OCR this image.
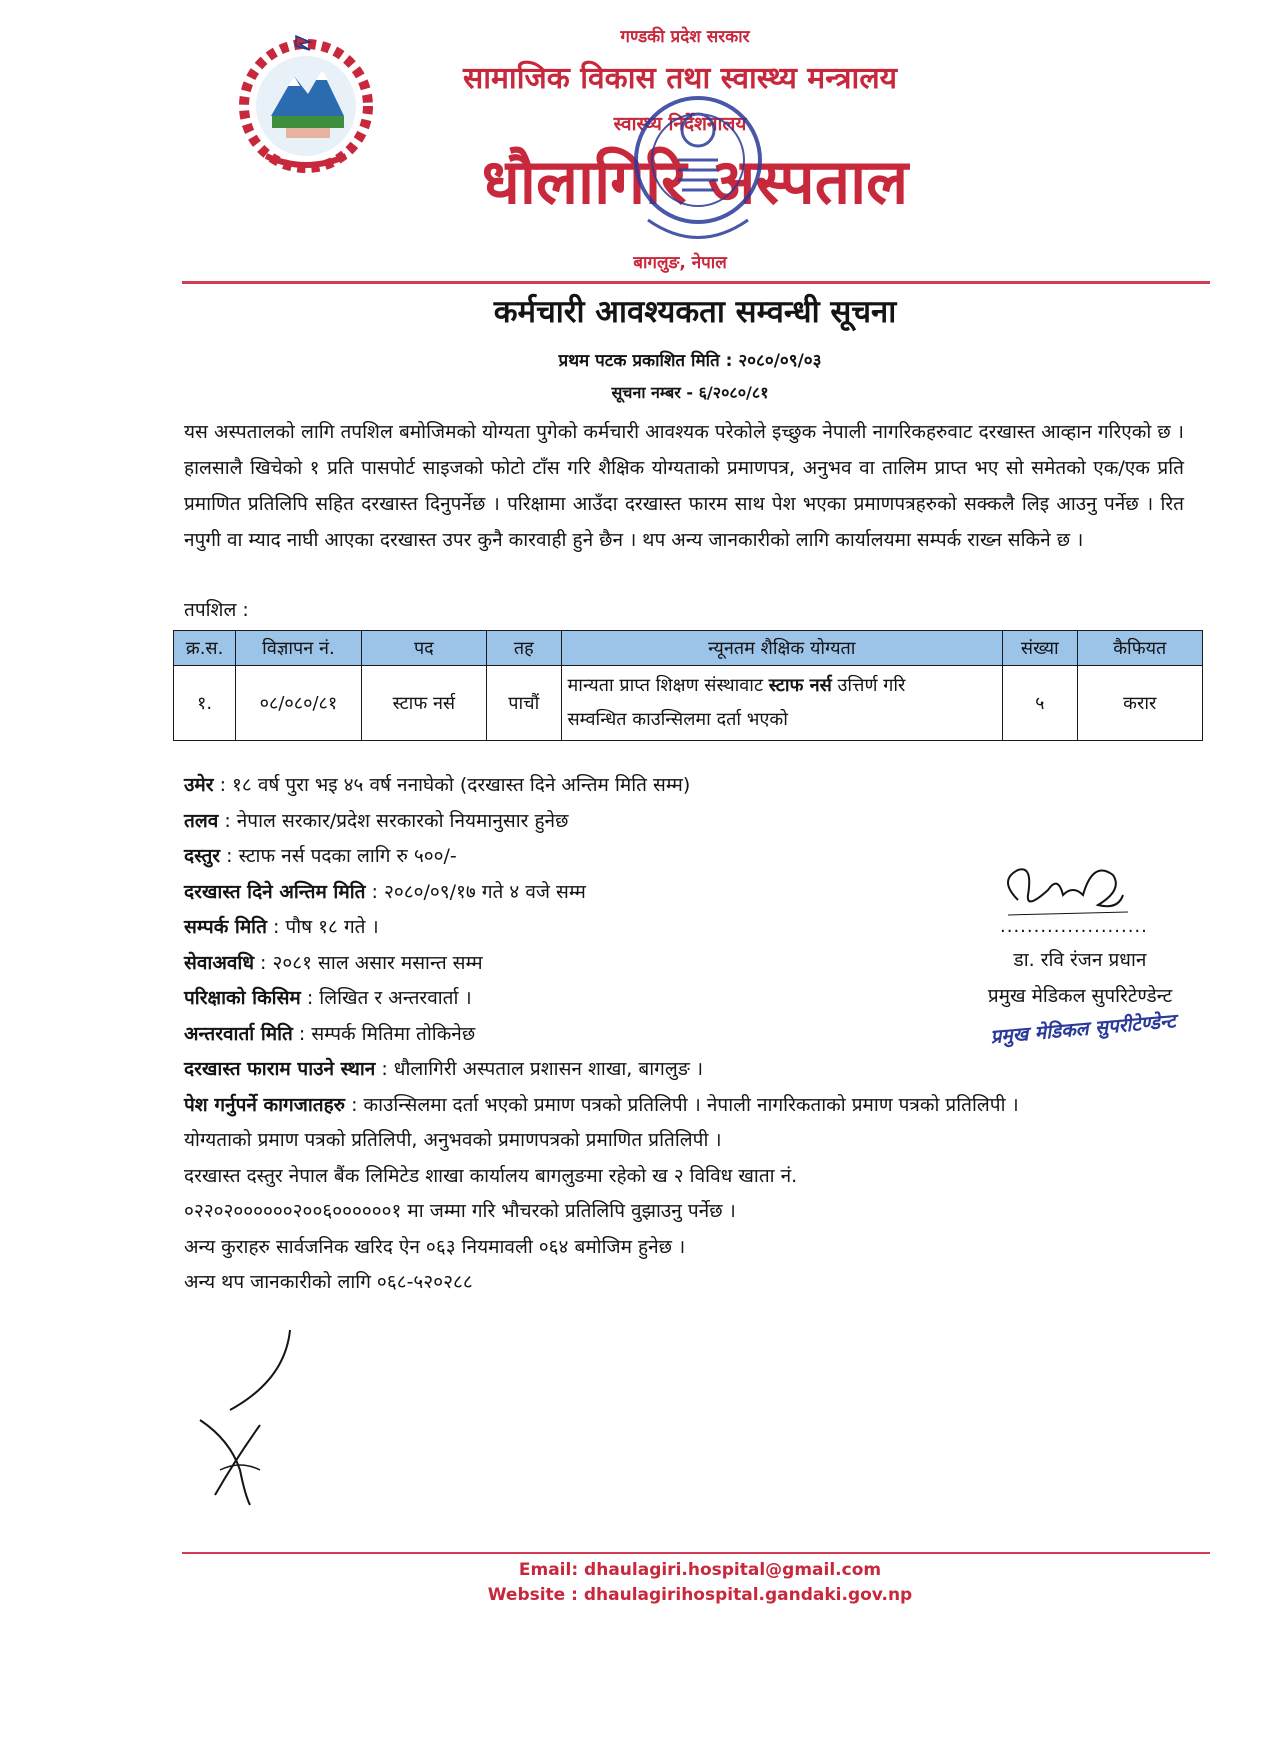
गण्डकी प्रदेश सरकार
सामाजिक विकास तथा स्वास्थ्य मन्त्रालय
स्वास्थ्य निर्देशनालय
धौलागिरि अस्पताल
बागलुङ, नेपाल
कर्मचारी आवश्यकता सम्वन्धी सूचना
प्रथम पटक प्रकाशित मिति : २०८०/०९/०३
सूचना नम्बर - ६/२०८०/८१

यस अस्पतालको लागि तपशिल बमोजिमको योग्यता पुगेको कर्मचारी आवश्यक परेकोले इच्छुक नेपाली नागरिकहरुवाट दरखास्त आव्हान गरिएको छ । हालसालै खिचेको १ प्रति पासपोर्ट साइजको फोटो टाँस गरि शैक्षिक योग्यताको प्रमाणपत्र, अनुभव वा तालिम प्राप्त भए सो समेतको एक/एक प्रति प्रमाणित प्रतिलिपि सहित दरखास्त दिनुपर्नेछ । परिक्षामा आउँदा दरखास्त फारम साथ पेश भएका प्रमाणपत्रहरुको सक्कलै लिइ आउनु पर्नेछ । रित नपुगी वा म्याद नाघी आएका दरखास्त उपर कुनै कारवाही हुने छैन । थप अन्य जानकारीको लागि कार्यालयमा सम्पर्क राख्न सकिने छ ।

तपशिल :
क्र.स.	विज्ञापन नं.	पद	तह	न्यूनतम शैक्षिक योग्यता	संख्या	कैफियत
१.	०८/०८०/८१	स्टाफ नर्स	पाचौं	मान्यता प्राप्त शिक्षण संस्थावाट स्टाफ नर्स उत्तिर्ण गरि
सम्वन्धित काउन्सिलमा दर्ता भएको	५	करार
उमेर : १८ वर्ष पुरा भइ ४५ वर्ष ननाघेको (दरखास्त दिने अन्तिम मिति सम्म)
तलव : नेपाल सरकार/प्रदेश सरकारको नियमानुसार हुनेछ
दस्तुर : स्टाफ नर्स पदका लागि रु ५००/-
दरखास्त दिने अन्तिम मिति : २०८०/०९/१७ गते ४ वजे सम्म
सम्पर्क मिति : पौष १८ गते ।
सेवाअवधि : २०८१ साल असार मसान्त सम्म
परिक्षाको किसिम : लिखित र अन्तरवार्ता ।
अन्तरवार्ता मिति : सम्पर्क मितिमा तोकिनेछ
दरखास्त फाराम पाउने स्थान : धौलागिरी अस्पताल प्रशासन शाखा, बागलुङ ।
पेश गर्नुपर्ने कागजातहरु : काउन्सिलमा दर्ता भएको प्रमाण पत्रको प्रतिलिपी । नेपाली नागरिकताको प्रमाण पत्रको प्रतिलिपी ।
योग्यताको प्रमाण पत्रको प्रतिलिपी, अनुभवको प्रमाणपत्रको प्रमाणित प्रतिलिपी ।
दरखास्त दस्तुर नेपाल बैंक लिमिटेड शाखा कार्यालय बागलुङमा रहेको ख २ विविध खाता नं.
०२२०२००००००२००६००००००१ मा जम्मा गरि भौचरको प्रतिलिपि वुझाउनु पर्नेछ ।
अन्य कुराहरु सार्वजनिक खरिद ऐन ०६३ नियमावली ०६४ बमोजिम हुनेछ ।
अन्य थप जानकारीको लागि ०६८-५२०२८८
......................
डा. रवि रंजन प्रधान
प्रमुख मेडिकल सुपरिटेण्डेन्ट
प्रमुख मेडिकल सुपरीटेण्डेन्ट
Email: dhaulagiri.hospital@gmail.com
Website : dhaulagirihospital.gandaki.gov.np
